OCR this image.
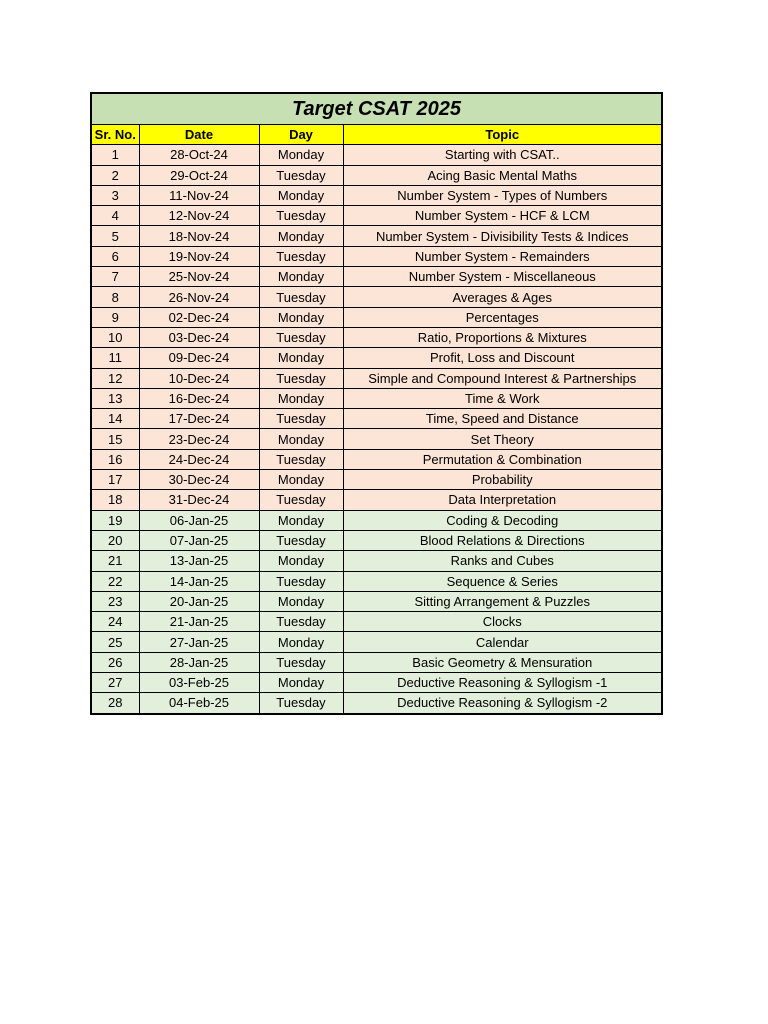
Target CSAT 2025
Sr. No.	Date	Day	Topic
1	28-Oct-24	Monday	Starting with CSAT..
2	29-Oct-24	Tuesday	Acing Basic Mental Maths
3	11-Nov-24	Monday	Number System - Types of Numbers
4	12-Nov-24	Tuesday	Number System - HCF & LCM
5	18-Nov-24	Monday	Number System - Divisibility Tests & Indices
6	19-Nov-24	Tuesday	Number System - Remainders
7	25-Nov-24	Monday	Number System - Miscellaneous
8	26-Nov-24	Tuesday	Averages & Ages
9	02-Dec-24	Monday	Percentages
10	03-Dec-24	Tuesday	Ratio, Proportions & Mixtures
11	09-Dec-24	Monday	Profit, Loss and Discount
12	10-Dec-24	Tuesday	Simple and Compound Interest & Partnerships
13	16-Dec-24	Monday	Time & Work
14	17-Dec-24	Tuesday	Time, Speed and Distance
15	23-Dec-24	Monday	Set Theory
16	24-Dec-24	Tuesday	Permutation & Combination
17	30-Dec-24	Monday	Probability
18	31-Dec-24	Tuesday	Data Interpretation
19	06-Jan-25	Monday	Coding & Decoding
20	07-Jan-25	Tuesday	Blood Relations & Directions
21	13-Jan-25	Monday	Ranks and Cubes
22	14-Jan-25	Tuesday	Sequence & Series
23	20-Jan-25	Monday	Sitting Arrangement & Puzzles
24	21-Jan-25	Tuesday	Clocks
25	27-Jan-25	Monday	Calendar
26	28-Jan-25	Tuesday	Basic Geometry & Mensuration
27	03-Feb-25	Monday	Deductive Reasoning & Syllogism -1
28	04-Feb-25	Tuesday	Deductive Reasoning & Syllogism -2
